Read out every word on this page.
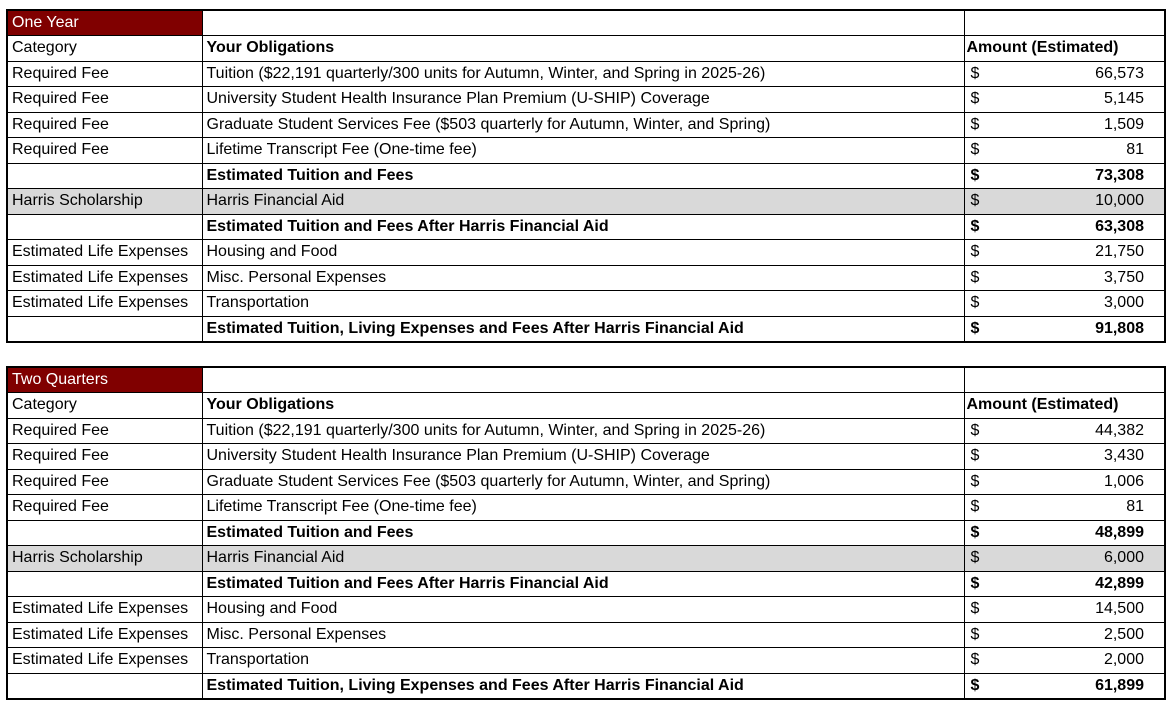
One Year			
Category	Your Obligations	Amount (Estimated)	
Required Fee	Tuition ($22,191 quarterly/300 units for Autumn, Winter, and Spring in 2025-26)	$	66,573
Required Fee	University Student Health Insurance Plan Premium (U-SHIP) Coverage	$	5,145
Required Fee	Graduate Student Services Fee ($503 quarterly for Autumn, Winter, and Spring)	$	1,509
Required Fee	Lifetime Transcript Fee (One-time fee)	$	81
	Estimated Tuition and Fees	$	73,308
Harris Scholarship	Harris Financial Aid	$	10,000
	Estimated Tuition and Fees After Harris Financial Aid	$	63,308
Estimated Life Expenses	Housing and Food	$	21,750
Estimated Life Expenses	Misc. Personal Expenses	$	3,750
Estimated Life Expenses	Transportation	$	3,000
	Estimated Tuition, Living Expenses and Fees After Harris Financial Aid	$	91,808
Two Quarters			
Category	Your Obligations	Amount (Estimated)	
Required Fee	Tuition ($22,191 quarterly/300 units for Autumn, Winter, and Spring in 2025-26)	$	44,382
Required Fee	University Student Health Insurance Plan Premium (U-SHIP) Coverage	$	3,430
Required Fee	Graduate Student Services Fee ($503 quarterly for Autumn, Winter, and Spring)	$	1,006
Required Fee	Lifetime Transcript Fee (One-time fee)	$	81
	Estimated Tuition and Fees	$	48,899
Harris Scholarship	Harris Financial Aid	$	6,000
	Estimated Tuition and Fees After Harris Financial Aid	$	42,899
Estimated Life Expenses	Housing and Food	$	14,500
Estimated Life Expenses	Misc. Personal Expenses	$	2,500
Estimated Life Expenses	Transportation	$	2,000
	Estimated Tuition, Living Expenses and Fees After Harris Financial Aid	$	61,899
